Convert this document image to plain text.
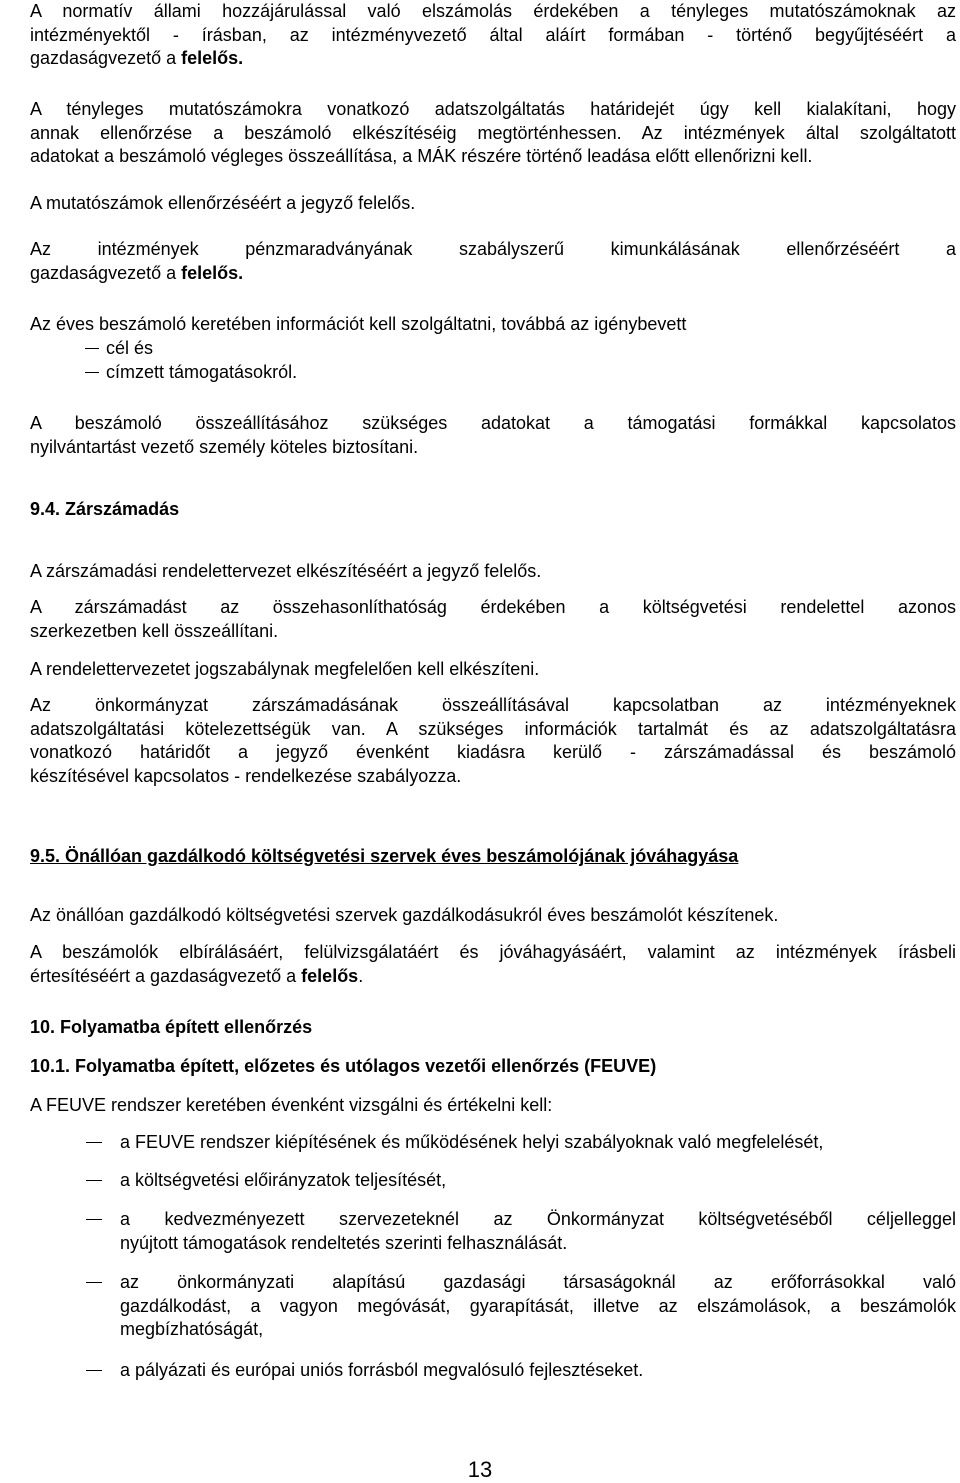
A normatív állami hozzájárulással való elszámolás érdekében a tényleges mutatószámoknak az

intézményektől - írásban, az intézményvezető által aláírt formában - történő begyűjtéséért a

gazdaságvezető a felelős.

A tényleges mutatószámokra vonatkozó adatszolgáltatás határidejét úgy kell kialakítani, hogy

annak ellenőrzése a beszámoló elkészítéséig megtörténhessen. Az intézmények által szolgáltatott

adatokat a beszámoló végleges összeállítása, a MÁK részére történő leadása előtt ellenőrizni kell.

A mutatószámok ellenőrzéséért a jegyző felelős.

Az intézmények pénzmaradványának szabályszerű kimunkálásának ellenőrzéséért a

gazdaságvezető a felelős.

Az éves beszámoló keretében információt kell szolgáltatni, továbbá az igénybevett

cél és
címzett támogatásokról.

A beszámoló összeállításához szükséges adatokat a támogatási formákkal kapcsolatos

nyilvántartást vezető személy köteles biztosítani.

9.4. Zárszámadás

A zárszámadási rendelettervezet elkészítéséért a jegyző felelős.

A zárszámadást az összehasonlíthatóság érdekében a költségvetési rendelettel azonos

szerkezetben kell összeállítani.

A rendelettervezetet jogszabálynak megfelelően kell elkészíteni.

Az önkormányzat zárszámadásának összeállításával kapcsolatban az intézményeknek

adatszolgáltatási kötelezettségük van. A szükséges információk tartalmát és az adatszolgáltatásra

vonatkozó határidőt a jegyző évenként kiadásra kerülő - zárszámadással és beszámoló

készítésével kapcsolatos - rendelkezése szabályozza.

9.5. Önállóan gazdálkodó költségvetési szervek éves beszámolójának jóváhagyása

Az önállóan gazdálkodó költségvetési szervek gazdálkodásukról éves beszámolót készítenek.

A beszámolók elbírálásáért, felülvizsgálatáért és jóváhagyásáért, valamint az intézmények írásbeli

értesítéséért a gazdaságvezető a felelős.

10. Folyamatba épített ellenőrzés
10.1. Folyamatba épített, előzetes és utólagos vezetői ellenőrzés (FEUVE)

A FEUVE rendszer keretében évenként vizsgálni és értékelni kell:

a FEUVE rendszer kiépítésének és működésének helyi szabályoknak való megfelelését,

a költségvetési előirányzatok teljesítését,

a kedvezményezett szervezeteknél az Önkormányzat költségvetéséből céljelleggel

nyújtott támogatások rendeltetés szerinti felhasználását.

az önkormányzati alapítású gazdasági társaságoknál az erőforrásokkal való

gazdálkodást, a vagyon megóvását, gyarapítását, illetve az elszámolások, a beszámolók

megbízhatóságát,

a pályázati és európai uniós forrásból megvalósuló fejlesztéseket.

13
